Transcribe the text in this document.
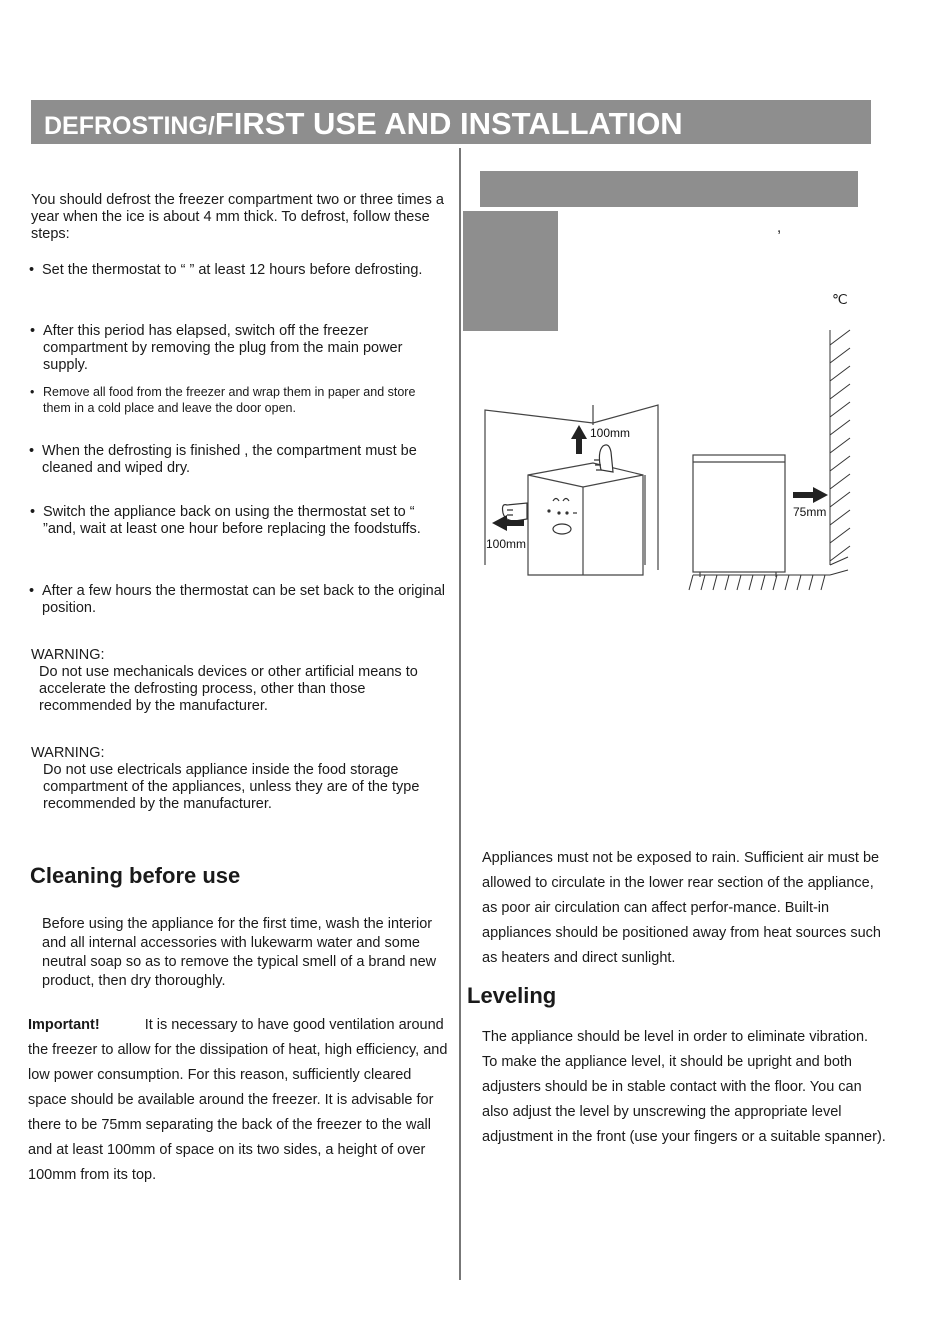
DEFROSTING/FIRST USE AND INSTALLATION

You should defrost the freezer compartment two or three times a year when the ice is about 4 mm thick. To defrost, follow these steps:

• Set the thermostat to “ ” at least 12 hours before defrosting.
• After this period has elapsed, switch off the freezer compartment by removing the plug from the main power supply.
• Remove all food from the freezer and wrap them in paper and store them in a cold place and leave the door open.
• When the defrosting is finished , the compartment must be cleaned and wiped dry.
• Switch the appliance back on using the thermostat set to “ ”and, wait at least one hour before replacing the foodstuffs.
• After a few hours the thermostat can be set back to the original position.
WARNING:

Do not use mechanicals devices or other artificial means to accelerate the defrosting process, other than those recommended by the manufacturer.

WARNING:

Do not use electricals appliance inside the food storage compartment of the appliances, unless they are of the type recommended by the manufacturer.

Cleaning before use

Before using the appliance for the first time, wash the interior and all internal accessories with lukewarm water and some neutral soap so as to remove the typical smell of a brand new product, then dry thoroughly.

Important!	It is necessary to have good ventilation around the freezer to allow for the dissipation of heat, high efficiency, and low power consumption. For this reason, sufficiently cleared space should be available around the freezer. It is advisable for there to be 75mm separating the back of the freezer to the wall and at least 100mm of space on its two sides, a height of over 100mm from its top.

,
℃
100mm
100mm
75mm

Appliances must not be exposed to rain. Sufficient air must be allowed to circulate in the lower rear section of the appliance, as poor air circulation can affect perfor-mance. Built-in appliances should be positioned away from heat sources such as heaters and direct sunlight.

Leveling

The appliance should be level in order to eliminate vibration. To make the appliance level, it should be upright and both adjusters should be in stable contact with the floor. You can also adjust the level by unscrewing the appropriate level adjustment in the front (use your fingers or a suitable spanner).
